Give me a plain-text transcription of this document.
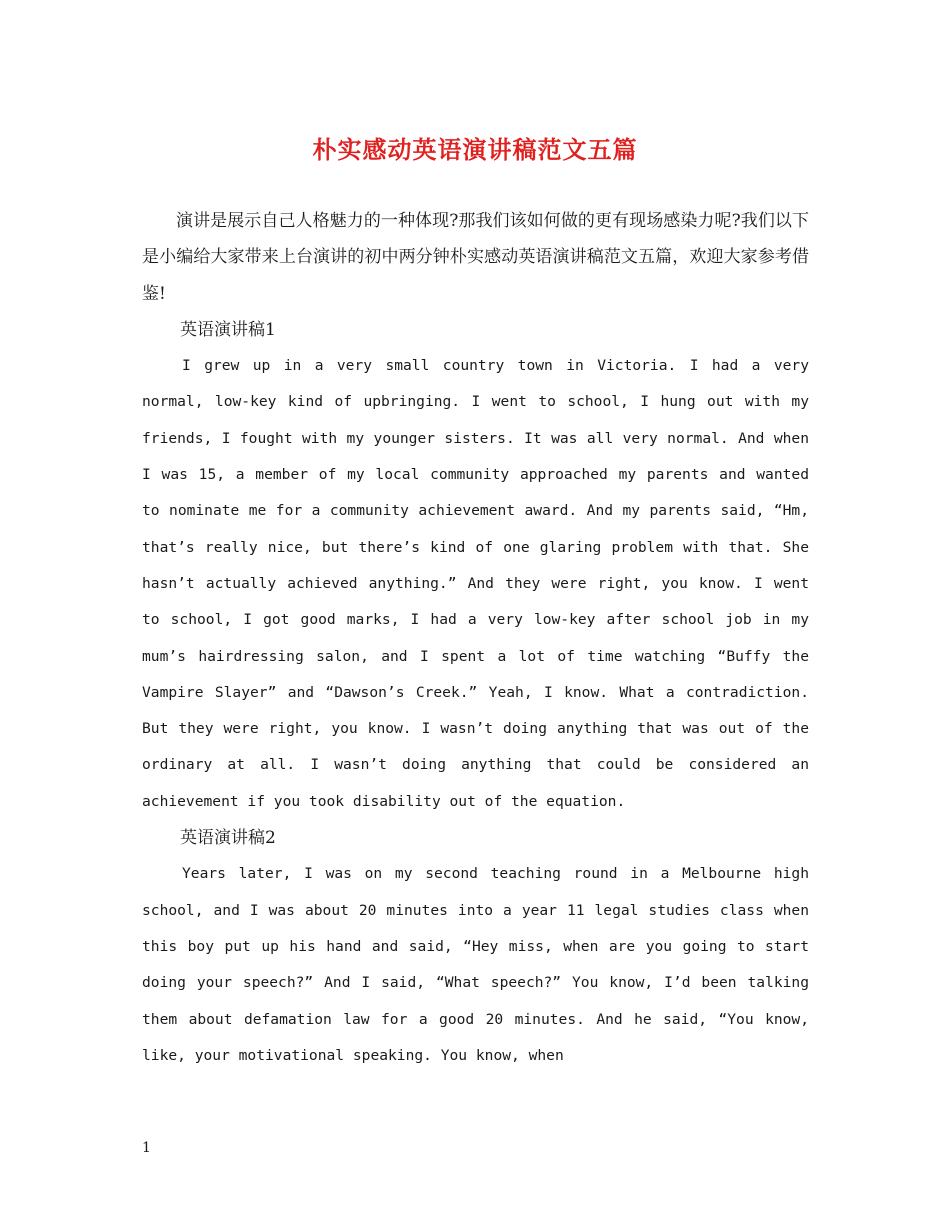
朴实感动英语演讲稿范文五篇

演讲是展示自己人格魅力的一种体现?那我们该如何做的更有现场感染力呢?我们以下是小编给大家带来上台演讲的初中两分钟朴实感动英语演讲稿范文五篇，欢迎大家参考借鉴!

英语演讲稿1

I grew up in a very small country town in Victoria. I had a very normal, low-key kind of upbringing. I went to school, I hung out with my friends, I fought with my younger sisters. It was all very normal. And when I was 15, a member of my local community approached my parents and wanted to nominate me for a community achievement award. And my parents said, “Hm, that’s really nice, but there’s kind of one glaring problem with that. She hasn’t actually achieved anything.” And they were right, you know. I went to school, I got good marks, I had a very low-key after school job in my mum’s hairdressing salon, and I spent a lot of time watching “Buffy the Vampire Slayer” and “Dawson’s Creek.” Yeah, I know. What a contradiction. But they were right, you know. I wasn’t doing anything that was out of the ordinary at all. I wasn’t doing anything that could be considered an achievement if you took disability out of the equation.

英语演讲稿2

Years later, I was on my second teaching round in a Melbourne high school, and I was about 20 minutes into a year 11 legal studies class when this boy put up his hand and said, “Hey miss, when are you going to start doing your speech?” And I said, “What speech?” You know, I’d been talking them about defamation law for a good 20 minutes. And he said, “You know, like, your motivational speaking. You know, when

1
